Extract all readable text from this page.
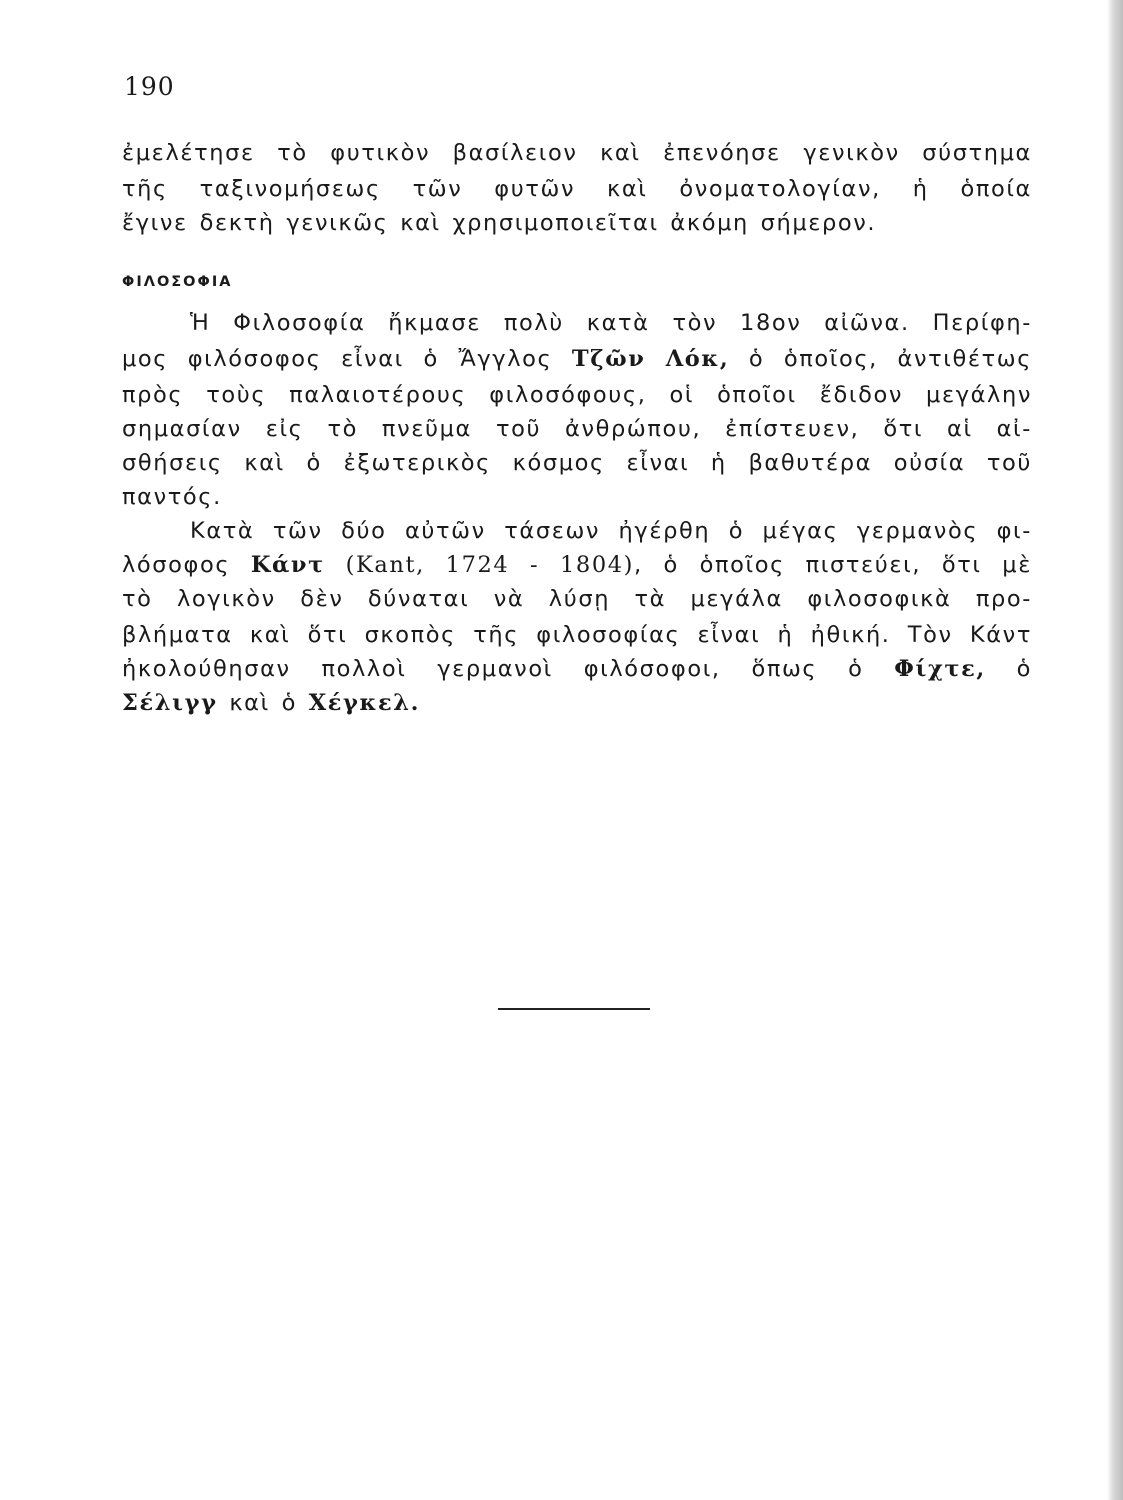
190
ἐμελέτησε τὸ φυτικὸν βασίλειον καὶ ἐπενόησε γενικὸν σύστημα
τῆς ταξινομήσεως τῶν φυτῶν καὶ ὀνοματολογίαν, ἡ ὁποία
ἔγινε δεκτὴ γενικῶς καὶ χρησιμοποιεῖται ἀκόμη σήμερον.
ΦΙΛΟΣΟΦΙΑ
Ἡ Φιλοσοφία ἤκμασε πολὺ κατὰ τὸν 18ον αἰῶνα. Περίφη-
μος φιλόσοφος εἶναι ὁ Ἄγγλος Τζῶν Λόκ, ὁ ὁποῖος, ἀντιθέτως
πρὸς τοὺς παλαιοτέρους φιλοσόφους, οἱ ὁποῖοι ἔδιδον μεγάλην
σημασίαν εἰς τὸ πνεῦμα τοῦ ἀνθρώπου, ἐπίστευεν, ὅτι αἱ αἰ-
σθήσεις καὶ ὁ ἐξωτερικὸς κόσμος εἶναι ἡ βαθυτέρα οὐσία τοῦ
παντός.
Κατὰ τῶν δύο αὐτῶν τάσεων ἠγέρθη ὁ μέγας γερμανὸς φι-
λόσοφος Κάντ (Kant, 1724 - 1804), ὁ ὁποῖος πιστεύει, ὅτι μὲ
τὸ λογικὸν δὲν δύναται νὰ λύσῃ τὰ μεγάλα φιλοσοφικὰ προ-
βλήματα καὶ ὅτι σκοπὸς τῆς φιλοσοφίας εἶναι ἡ ἠθική. Τὸν Κάντ
ἠκολούθησαν πολλοὶ γερμανοὶ φιλόσοφοι, ὅπως ὁ Φίχτε, ὁ
Σέλιγγ καὶ ὁ Χέγκελ.
